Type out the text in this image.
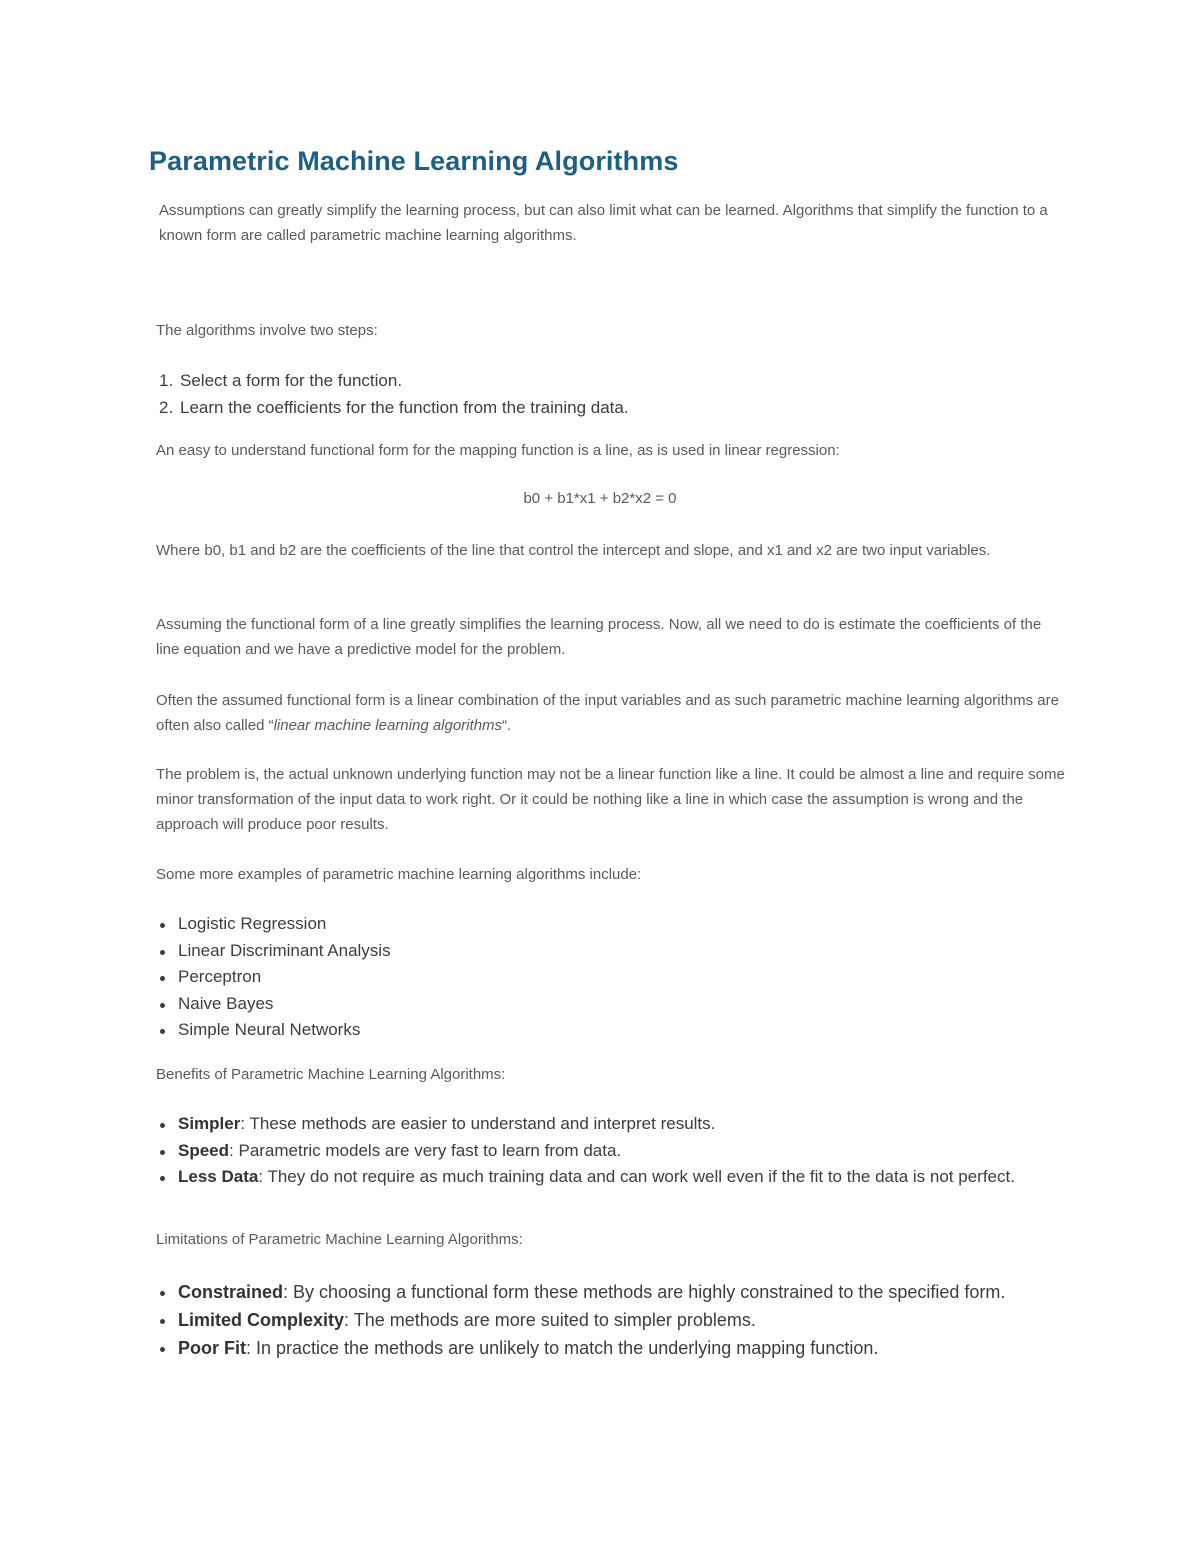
Parametric Machine Learning Algorithms

Assumptions can greatly simplify the learning process, but can also limit what can be learned. Algorithms that simplify the function to a known form are called parametric machine learning algorithms.

The algorithms involve two steps:

1. Select a form for the function.
2. Learn the coefficients for the function from the training data.

An easy to understand functional form for the mapping function is a line, as is used in linear regression:

b0 + b1*x1 + b2*x2 = 0

Where b0, b1 and b2 are the coefficients of the line that control the intercept and slope, and x1 and x2 are two input variables.

Assuming the functional form of a line greatly simplifies the learning process. Now, all we need to do is estimate the coefficients of the line equation and we have a predictive model for the problem.

Often the assumed functional form is a linear combination of the input variables and as such parametric machine learning algorithms are often also called “linear machine learning algorithms“.

The problem is, the actual unknown underlying function may not be a linear function like a line. It could be almost a line and require some minor transformation of the input data to work right. Or it could be nothing like a line in which case the assumption is wrong and the approach will produce poor results.

Some more examples of parametric machine learning algorithms include:

Logistic Regression
Linear Discriminant Analysis
Perceptron
Naive Bayes
Simple Neural Networks

Benefits of Parametric Machine Learning Algorithms:

Simpler: These methods are easier to understand and interpret results.
Speed: Parametric models are very fast to learn from data.
Less Data: They do not require as much training data and can work well even if the fit to the data is not perfect.

Limitations of Parametric Machine Learning Algorithms:

Constrained: By choosing a functional form these methods are highly constrained to the specified form.
Limited Complexity: The methods are more suited to simpler problems.
Poor Fit: In practice the methods are unlikely to match the underlying mapping function.
